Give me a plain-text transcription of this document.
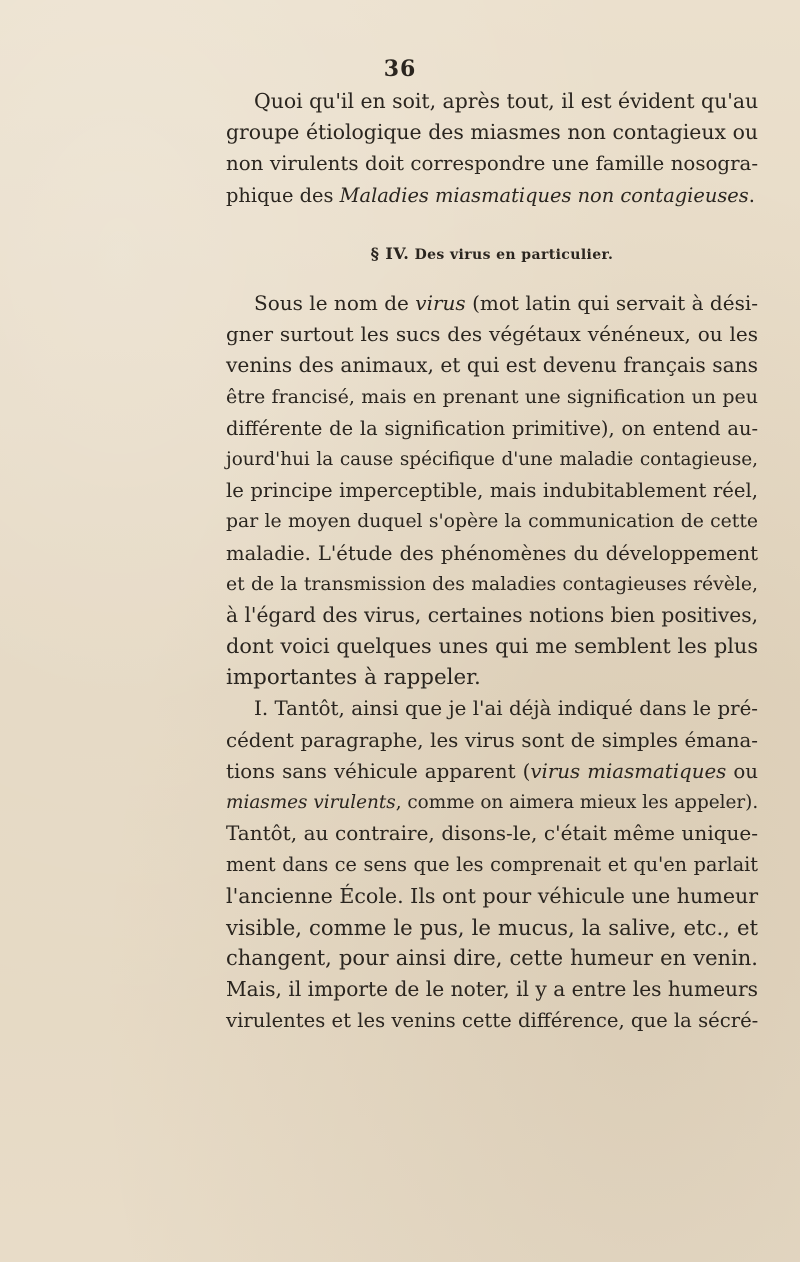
36
Quoi qu'il en soit, après tout, il est évident qu'au
groupe étiologique des miasmes non contagieux ou
non virulents doit correspondre une famille nosogra-
phique des Maladies miasmatiques non contagieuses.
§ IV. Des virus en particulier.
Sous le nom de virus (mot latin qui servait à dési-
gner surtout les sucs des végétaux vénéneux, ou les
venins des animaux, et qui est devenu français sans
être francisé, mais en prenant une signification un peu
différente de la signification primitive), on entend au-
jourd'hui la cause spécifique d'une maladie contagieuse,
le principe imperceptible, mais indubitablement réel,
par le moyen duquel s'opère la communication de cette
maladie. L'étude des phénomènes du développement
et de la transmission des maladies contagieuses révèle,
à l'égard des virus, certaines notions bien positives,
dont voici quelques unes qui me semblent les plus
importantes à rappeler.
I. Tantôt, ainsi que je l'ai déjà indiqué dans le pré-
cédent paragraphe, les virus sont de simples émana-
tions sans véhicule apparent (virus miasmatiques ou
miasmes virulents, comme on aimera mieux les appeler).
Tantôt, au contraire, disons-le, c'était même unique-
ment dans ce sens que les comprenait et qu'en parlait
l'ancienne École. Ils ont pour véhicule une humeur
visible, comme le pus, le mucus, la salive, etc., et
changent, pour ainsi dire, cette humeur en venin.
Mais, il importe de le noter, il y a entre les humeurs
virulentes et les venins cette différence, que la sécré-
